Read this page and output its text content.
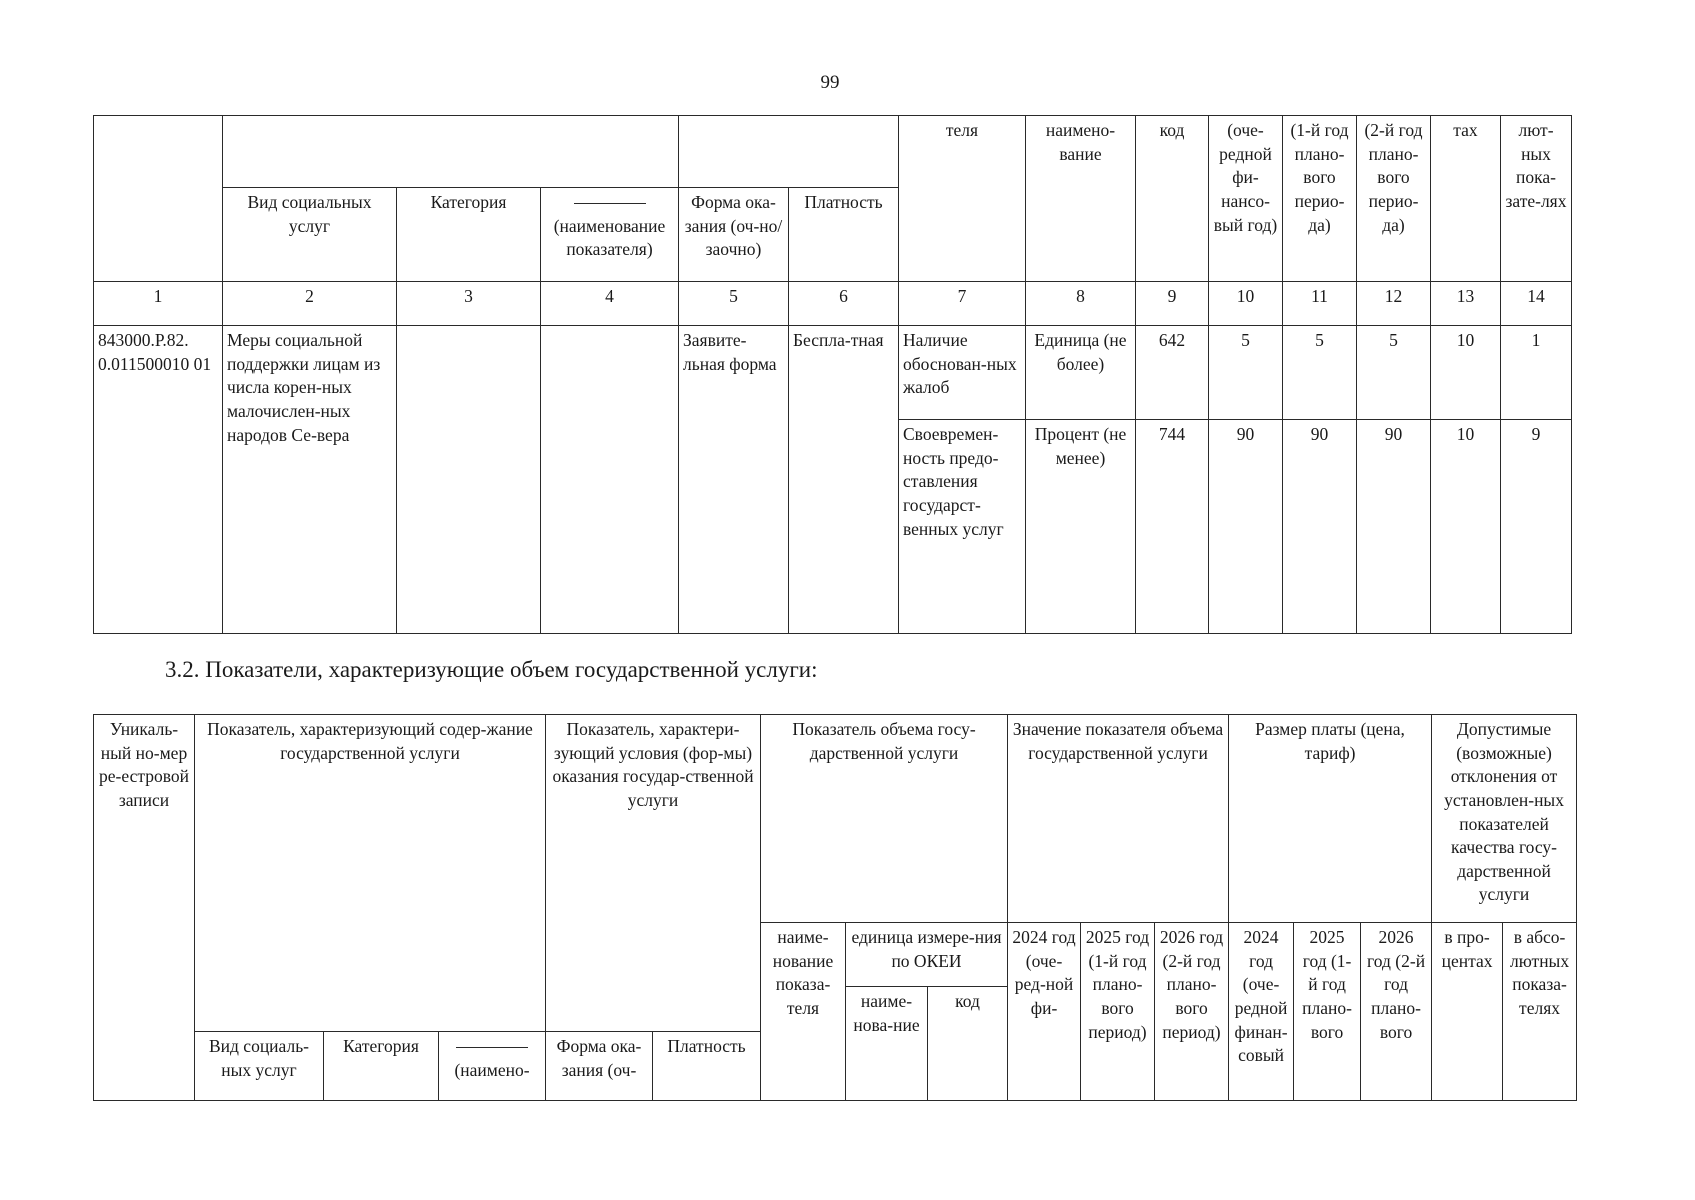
99
						теля	наимено-вание	код	(оче-редной фи-нансо-вый год)	(1-й год плано-вого перио-да)	(2-й год плано-вого перио-да)	тах	лют-ных пока-зате-лях
	Вид социальных услуг	Категория	(наименование показателя)	Форма ока-зания (оч-но/заочно)	Платность								
1	2	3	4	5	6	7	8	9	10	11	12	13	14
843000.Р.82. 0.011500010 01	Меры социальной поддержки лицам из числа корен-ных малочислен-ных народов Се-вера			Заявите-льная форма	Беспла-тная	Наличие обоснован-ных жалоб	Единица (не более)	642	5	5	5	10	1
						Своевремен-ность предо-ставления государст-венных услуг	Процент (не менее)	744	90	90	90	10	9
3.2. Показатели, характеризующие объем государственной услуги:
Уникаль-ный но-мер ре-естровой записи	Показатель, характеризующий содер-жание государственной услуги			Показатель, характери-зующий условия (фор-мы) оказания государ-ственной услуги		Показатель объема госу-дарственной услуги			Значение показателя объема государственной услуги			Размер платы (цена, тариф)			Допустимые (возможные) отклонения от установлен-ных показателей качества госу-дарственной услуги	
						наиме-нование показа-теля	единица измере-ния по ОКЕИ		2024 год (оче-ред-ной фи-	2025 год (1-й год плано-вого период)	2026 год (2-й год плано-вого период)	2024 год (оче-редной финан-совый	2025 год (1-й год плано-вого	2026 год (2-й год плано-вого	в про-центах	в абсо-лютных показа-телях
							наиме-нова-ние	код								
	Вид социаль-ных услуг	Категория	(наимено-	Форма ока-зания (оч-	Платность											
